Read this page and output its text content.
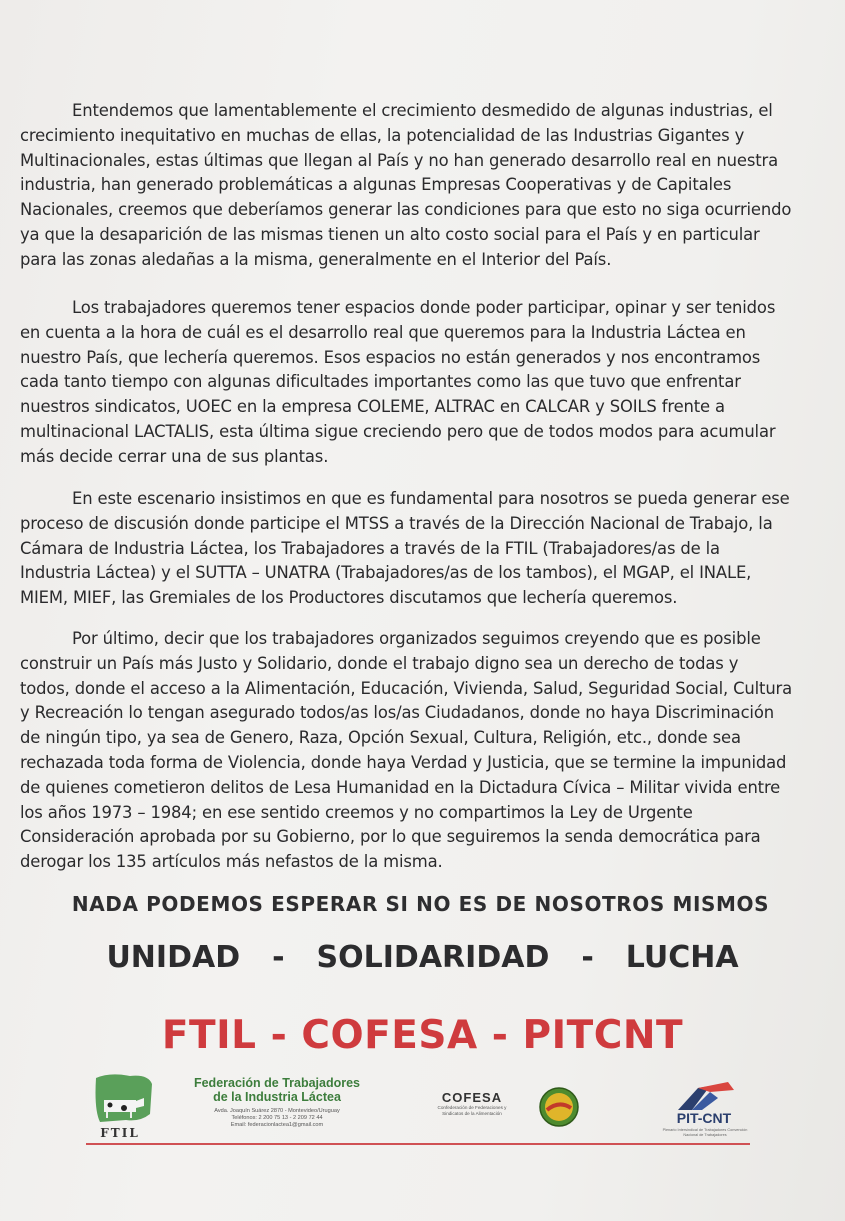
Entendemos que lamentablemente el crecimiento desmedido de algunas industrias, el
crecimiento inequitativo en muchas de ellas, la potencialidad de las Industrias Gigantes y
Multinacionales, estas últimas que llegan al País y no han generado desarrollo real en nuestra
industria, han generado problemáticas a algunas Empresas Cooperativas y de Capitales
Nacionales, creemos que deberíamos generar las condiciones para que esto no siga ocurriendo
ya que la desaparición de las mismas tienen un alto costo social para el País y en particular
para las zonas aledañas a la misma, generalmente en el Interior del País.

Los trabajadores queremos tener espacios donde poder participar, opinar y ser tenidos
en cuenta a la hora de cuál es el desarrollo real que queremos para la Industria Láctea en
nuestro País, que lechería queremos. Esos espacios no están generados y nos encontramos
cada tanto tiempo con algunas dificultades importantes como las que tuvo que enfrentar
nuestros sindicatos, UOEC en la empresa COLEME, ALTRAC en CALCAR y SOILS frente a
multinacional LACTALIS, esta última sigue creciendo pero que de todos modos para acumular
más decide cerrar una de sus plantas.

En este escenario insistimos en que es fundamental para nosotros se pueda generar ese
proceso de discusión donde participe el MTSS a través de la Dirección Nacional de Trabajo, la
Cámara de Industria Láctea, los Trabajadores a través de la FTIL (Trabajadores/as de la
Industria Láctea) y el SUTTA – UNATRA (Trabajadores/as de los tambos), el MGAP, el INALE,
MIEM, MIEF, las Gremiales de los Productores discutamos que lechería queremos.

Por último, decir que los trabajadores organizados seguimos creyendo que es posible
construir un País más Justo y Solidario, donde el trabajo digno sea un derecho de todas y
todos, donde el acceso a la Alimentación, Educación, Vivienda, Salud, Seguridad Social, Cultura
y Recreación lo tengan asegurado todos/as los/as Ciudadanos, donde no haya Discriminación
de ningún tipo, ya sea de Genero, Raza, Opción Sexual, Cultura, Religión, etc., donde sea
rechazada toda forma de Violencia, donde haya Verdad y Justicia, que se termine la impunidad
de quienes cometieron delitos de Lesa Humanidad en la Dictadura Cívica – Militar vivida entre
los años 1973 – 1984; en ese sentido creemos y no compartimos la Ley de Urgente
Consideración aprobada por su Gobierno, por lo que seguiremos la senda democrática para
derogar los 135 artículos más nefastos de la misma.

NADA PODEMOS ESPERAR SI NO ES DE NOSOTROS MISMOS

UNIDAD - SOLIDARIDAD - LUCHA

FTIL - COFESA - PITCNT

FTIL
Federación de Trabajadores
de la Industria Láctea
Avda. Joaquín Suárez 2870 - Montevideo/Uruguay
Teléfonos: 2 200 75 13 - 2 209 72 44
Email: federacionlactea1@gmail.com
COFESA
Confederación de Federaciones y
Sindicatos de la Alimentación	PIT-CNT
Plenario Intersindical de Trabajadores Convención Nacional de Trabajadores
